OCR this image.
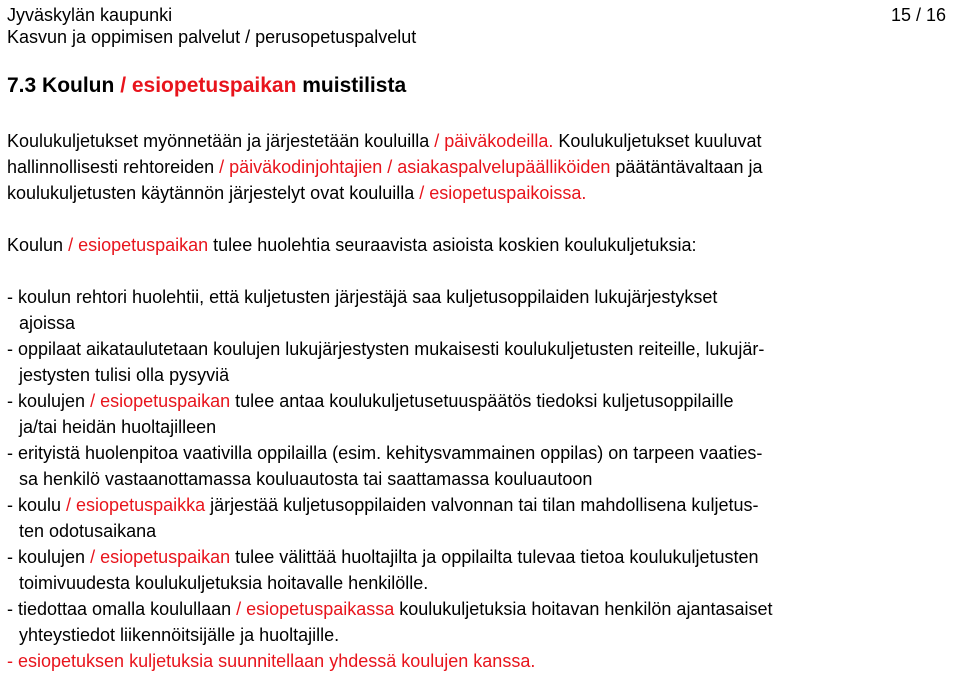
Jyväskylän kaupunki
Kasvun ja oppimisen palvelut / perusopetuspalvelut
15 / 16
7.3 Koulun / esiopetuspaikan muistilista
Koulukuljetukset myönnetään ja järjestetään kouluilla / päiväkodeilla. Koulukuljetukset kuuluvat
hallinnollisesti rehtoreiden / päiväkodinjohtajien / asiakaspalvelupäälliköiden päätäntävaltaan ja
koulukuljetusten käytännön järjestelyt ovat kouluilla / esiopetuspaikoissa.
Koulun / esiopetuspaikan tulee huolehtia seuraavista asioista koskien koulukuljetuksia:
- koulun rehtori huolehtii, että kuljetusten järjestäjä saa kuljetusoppilaiden lukujärjestykset
ajoissa
- oppilaat aikataulutetaan koulujen lukujärjestysten mukaisesti koulukuljetusten reiteille, lukujär-
jestysten tulisi olla pysyviä
- koulujen / esiopetuspaikan tulee antaa koulukuljetusetuuspäätös tiedoksi kuljetusoppilaille
ja/tai heidän huoltajilleen
- erityistä huolenpitoa vaativilla oppilailla (esim. kehitysvammainen oppilas) on tarpeen vaaties-
sa henkilö vastaanottamassa kouluautosta tai saattamassa kouluautoon
- koulu / esiopetuspaikka järjestää kuljetusoppilaiden valvonnan tai tilan mahdollisena kuljetus-
ten odotusaikana
- koulujen / esiopetuspaikan tulee välittää huoltajilta ja oppilailta tulevaa tietoa koulukuljetusten
toimivuudesta koulukuljetuksia hoitavalle henkilölle.
- tiedottaa omalla koulullaan / esiopetuspaikassa koulukuljetuksia hoitavan henkilön ajantasaiset
yhteystiedot liikennöitsijälle ja huoltajille.
- esiopetuksen kuljetuksia suunnitellaan yhdessä koulujen kanssa.
